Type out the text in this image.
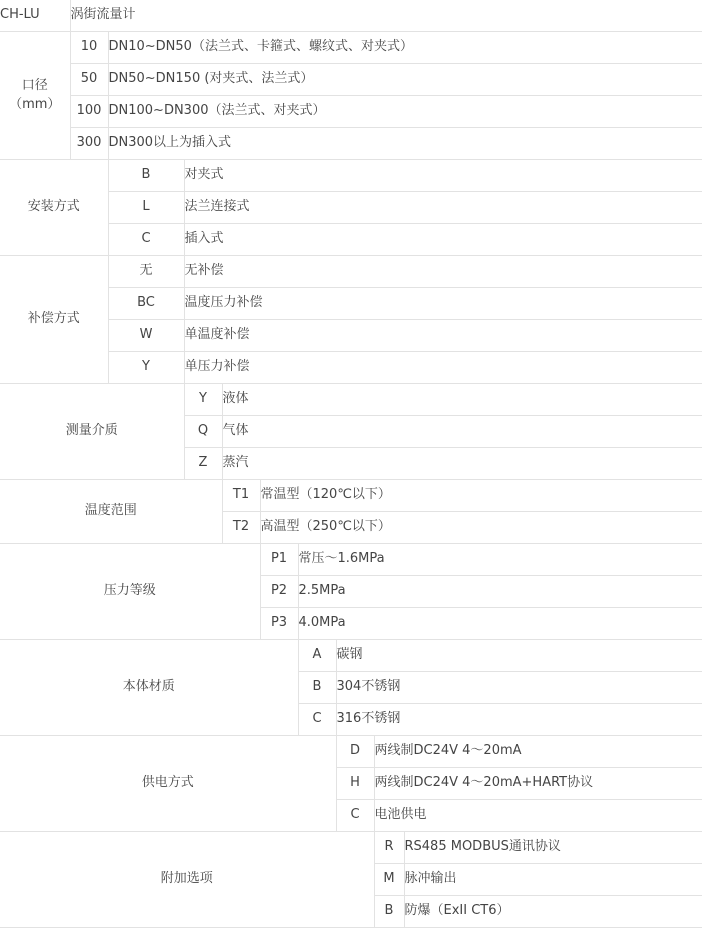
CH-LU	涡街流量计								

口径
（mm）	10	DN10~DN50（法兰式、卡箍式、螺纹式、对夹式）							
	50	DN50~DN150 (对夹式、法兰式）							
	100	DN100~DN300（法兰式、对夹式）							
	300	DN300以上为插入式							
安装方式		B	对夹式						
		L	法兰连接式						
		C	插入式						
补偿方式		无	无补偿						
		BC	温度压力补偿						
		W	单温度补偿						
		Y	单压力补偿						
测量介质			Y	液体					
			Q	气体					
			Z	蒸汽					
温度范围				T1	常温型（120℃以下）				
				T2	高温型（250℃以下）				
压力等级					P1	常压～1.6MPa			
					P2	2.5MPa			
					P3	4.0MPa			
本体材质						A	碳钢		
						B	304不锈钢		
						C	316不锈钢		
供电方式							D	两线制DC24V 4～20mA	
							H	两线制DC24V 4～20mA+HART协议	
							C	电池供电	
附加选项								R	RS485 MODBUS通讯协议
								M	脉冲输出
								B	防爆（ExII CT6）
